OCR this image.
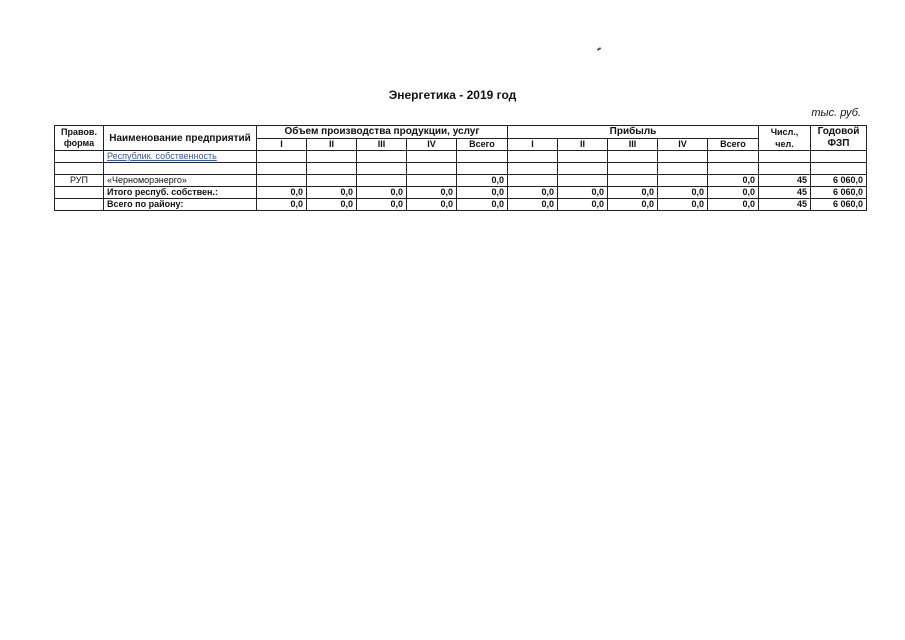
Энергетика - 2019 год
тыс. руб.
Правов. форма	Наименование предприятий	Объем производства продукции, услуг					Прибыль					Числ., чел.	Годовой ФЗП
		I	II	III	IV	Всего	I	II	III	IV	Всего		
	Республик. собственность												

РУП	«Черноморэнерго»					0,0					0,0	45	6 060,0
	Итого респуб. собствен.:	0,0	0,0	0,0	0,0	0,0	0,0	0,0	0,0	0,0	0,0	45	6 060,0
	Всего по району:	0,0	0,0	0,0	0,0	0,0	0,0	0,0	0,0	0,0	0,0	45	6 060,0
